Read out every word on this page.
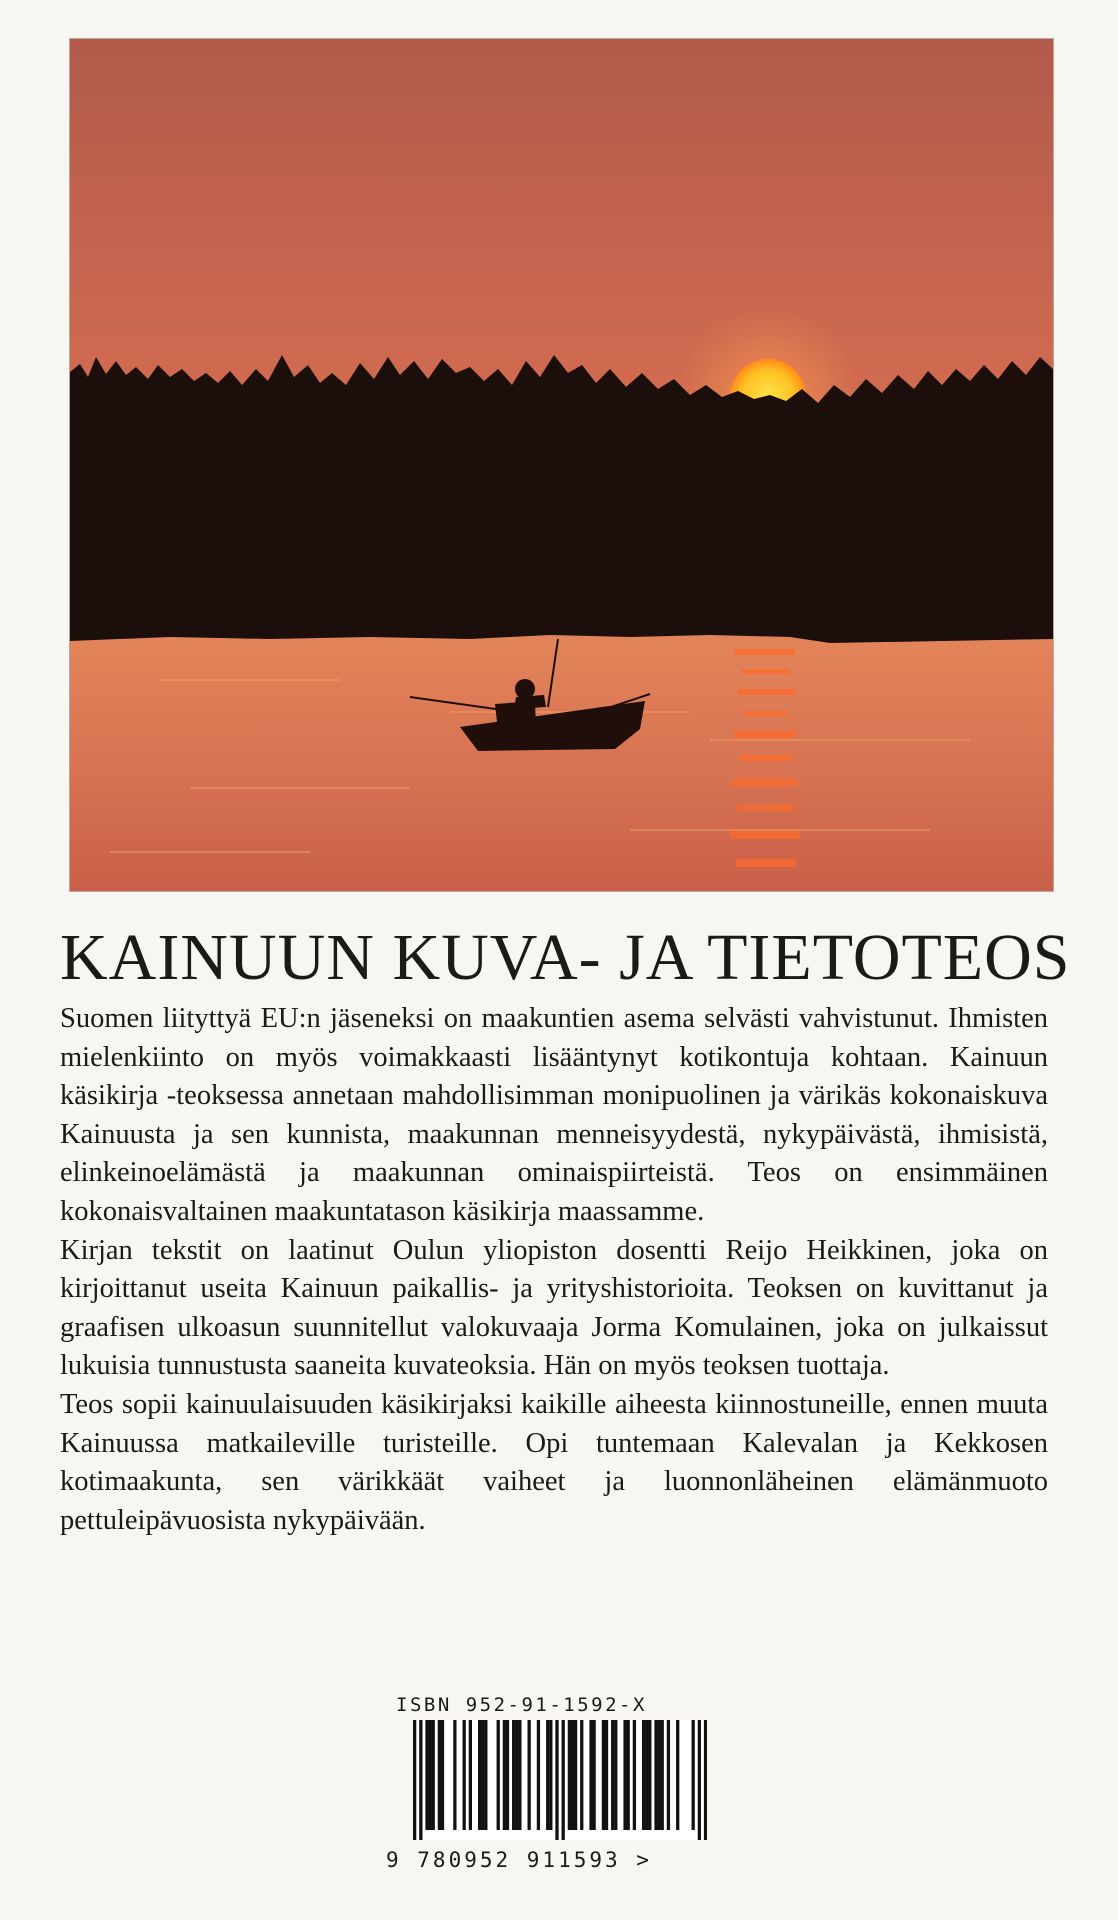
KAINUUN KUVA- JA TIETOTEOS

Suomen liityttyä EU:n jäseneksi on maakuntien asema selvästi vahvistunut. Ihmisten mielenkiinto on myös voimakkaasti lisääntynyt kotikontuja kohtaan. Kainuun käsikirja -teoksessa annetaan mahdollisimman monipuolinen ja värikäs kokonaiskuva Kainuusta ja sen kunnista, maakunnan menneisyydestä, nykypäivästä, ihmisistä, elinkeinoelämästä ja maakunnan ominaispiirteistä. Teos on ensimmäinen kokonaisvaltainen maakuntatason käsikirja maassamme.

Kirjan tekstit on laatinut Oulun yliopiston dosentti Reijo Heikkinen, joka on kirjoittanut useita Kainuun paikallis- ja yrityshistorioita. Teoksen on kuvittanut ja graafisen ulkoasun suunnitellut valokuvaaja Jorma Komulainen, joka on julkaissut lukuisia tunnustusta saaneita kuvateoksia. Hän on myös teoksen tuottaja.

Teos sopii kainuulaisuuden käsikirjaksi kaikille aiheesta kiinnostuneille, ennen muuta Kainuussa matkaileville turisteille. Opi tuntemaan Kalevalan ja Kekkosen kotimaakunta, sen värikkäät vaiheet ja luonnonläheinen elämänmuoto pettuleipävuosista nykypäivään.

ISBN 952-91-1592-X
9 780952 911593 >
